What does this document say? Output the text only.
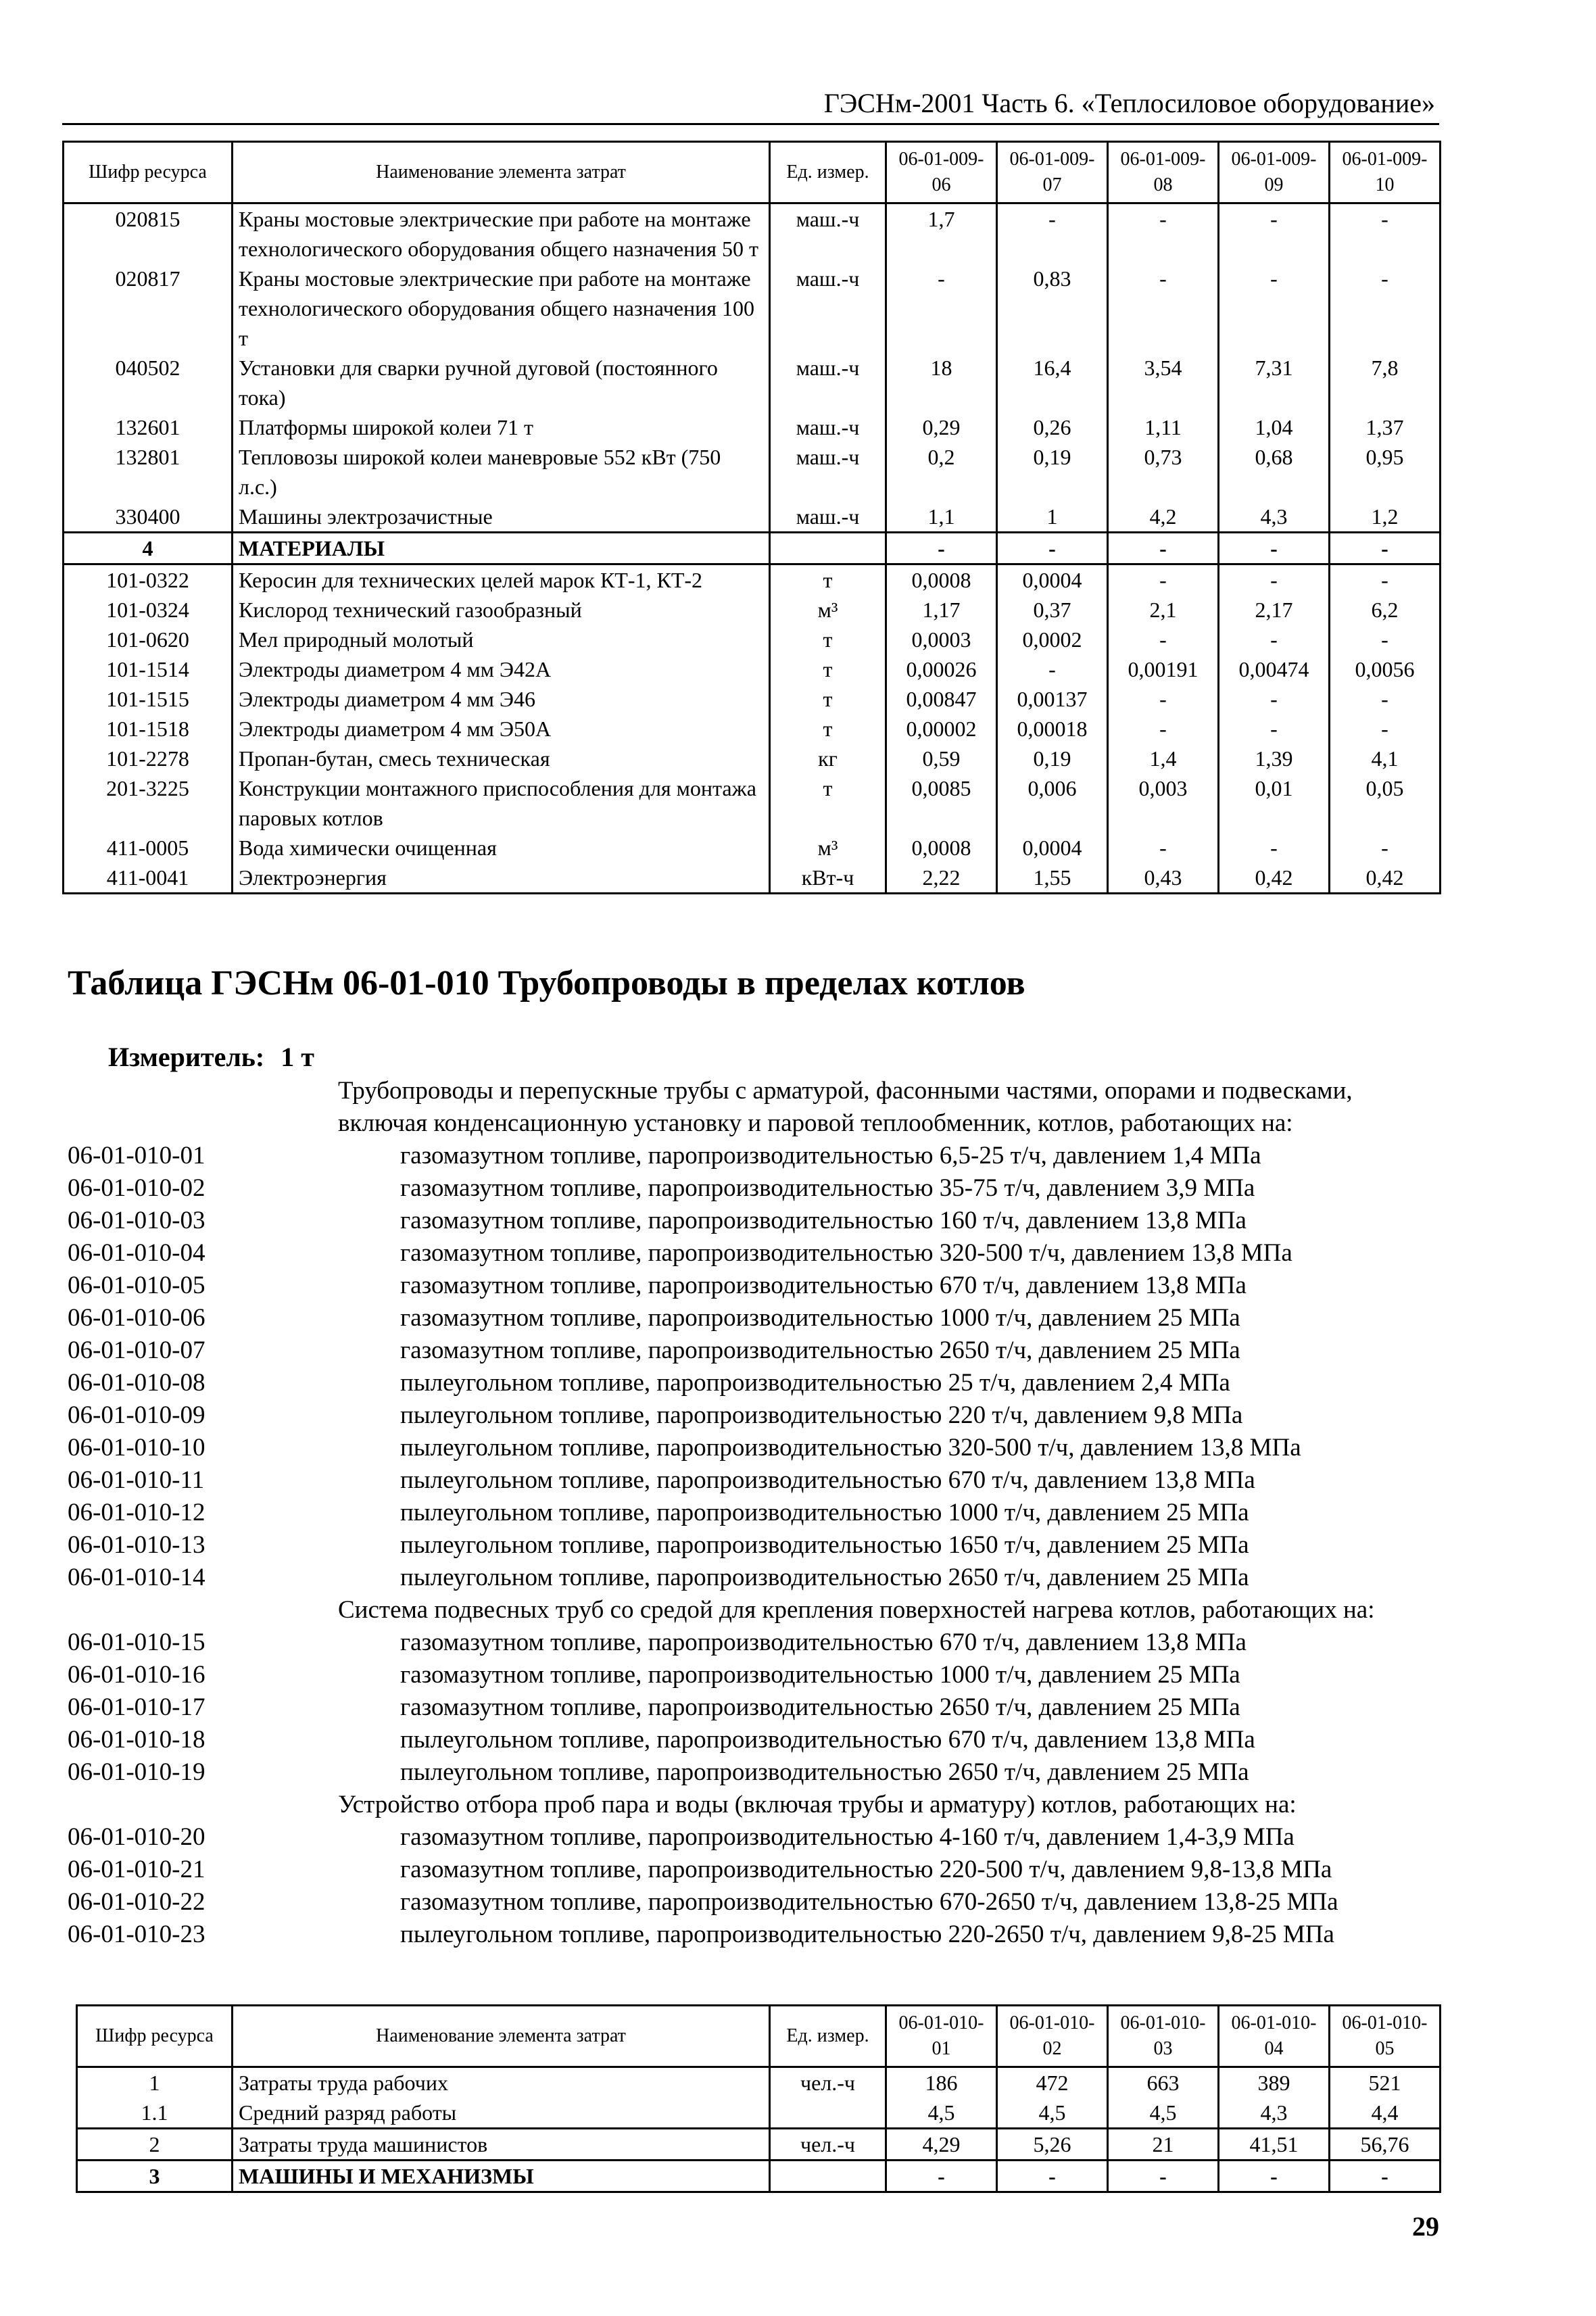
ГЭСНм-2001 Часть 6. «Теплосиловое оборудование»
Шифр ресурса	Наименование элемента затрат	Ед. измер.	06-01-009-06	06-01-009-07	06-01-009-08	06-01-009-09	06-01-009-10
020815	Краны мостовые электрические при работе на монтаже технологического оборудования общего назначения 50 т	маш.-ч	1,7	-	-	-	-
020817	Краны мостовые электрические при работе на монтаже технологического оборудования общего назначения 100 т	маш.-ч	-	0,83	-	-	-
040502	Установки для сварки ручной дуговой (постоянного тока)	маш.-ч	18	16,4	3,54	7,31	7,8
132601	Платформы широкой колеи 71 т	маш.-ч	0,29	0,26	1,11	1,04	1,37
132801	Тепловозы широкой колеи маневровые 552 кВт (750 л.с.)	маш.-ч	0,2	0,19	0,73	0,68	0,95
330400	Машины электрозачистные	маш.-ч	1,1	1	4,2	4,3	1,2
4	МАТЕРИАЛЫ		-	-	-	-	-
101-0322	Керосин для технических целей марок КТ-1, КТ-2	т	0,0008	0,0004	-	-	-
101-0324	Кислород технический газообразный	м³	1,17	0,37	2,1	2,17	6,2
101-0620	Мел природный молотый	т	0,0003	0,0002	-	-	-
101-1514	Электроды диаметром 4 мм Э42А	т	0,00026	-	0,00191	0,00474	0,0056
101-1515	Электроды диаметром 4 мм Э46	т	0,00847	0,00137	-	-	-
101-1518	Электроды диаметром 4 мм Э50А	т	0,00002	0,00018	-	-	-
101-2278	Пропан-бутан, смесь техническая	кг	0,59	0,19	1,4	1,39	4,1
201-3225	Конструкции монтажного приспособления для монтажа паровых котлов	т	0,0085	0,006	0,003	0,01	0,05
411-0005	Вода химически очищенная	м³	0,0008	0,0004	-	-	-
411-0041	Электроэнергия	кВт-ч	2,22	1,55	0,43	0,42	0,42
Таблица ГЭСНм 06-01-010 Трубопроводы в пределах котлов
Измеритель: 1 т
Трубопроводы и перепускные трубы с арматурой, фасонными частями, опорами и подвесками, включая конденсационную установку и паровой теплообменник, котлов, работающих на:
06-01-010-01	газомазутном топливе, паропроизводительностью 6,5-25 т/ч, давлением 1,4 МПа
06-01-010-02	газомазутном топливе, паропроизводительностью 35-75 т/ч, давлением 3,9 МПа
06-01-010-03	газомазутном топливе, паропроизводительностью 160 т/ч, давлением 13,8 МПа
06-01-010-04	газомазутном топливе, паропроизводительностью 320-500 т/ч, давлением 13,8 МПа
06-01-010-05	газомазутном топливе, паропроизводительностью 670 т/ч, давлением 13,8 МПа
06-01-010-06	газомазутном топливе, паропроизводительностью 1000 т/ч, давлением 25 МПа
06-01-010-07	газомазутном топливе, паропроизводительностью 2650 т/ч, давлением 25 МПа
06-01-010-08	пылеугольном топливе, паропроизводительностью 25 т/ч, давлением 2,4 МПа
06-01-010-09	пылеугольном топливе, паропроизводительностью 220 т/ч, давлением 9,8 МПа
06-01-010-10	пылеугольном топливе, паропроизводительностью 320-500 т/ч, давлением 13,8 МПа
06-01-010-11	пылеугольном топливе, паропроизводительностью 670 т/ч, давлением 13,8 МПа
06-01-010-12	пылеугольном топливе, паропроизводительностью 1000 т/ч, давлением 25 МПа
06-01-010-13	пылеугольном топливе, паропроизводительностью 1650 т/ч, давлением 25 МПа
06-01-010-14	пылеугольном топливе, паропроизводительностью 2650 т/ч, давлением 25 МПа
Система подвесных труб со средой для крепления поверхностей нагрева котлов, работающих на:
06-01-010-15	газомазутном топливе, паропроизводительностью 670 т/ч, давлением 13,8 МПа
06-01-010-16	газомазутном топливе, паропроизводительностью 1000 т/ч, давлением 25 МПа
06-01-010-17	газомазутном топливе, паропроизводительностью 2650 т/ч, давлением 25 МПа
06-01-010-18	пылеугольном топливе, паропроизводительностью 670 т/ч, давлением 13,8 МПа
06-01-010-19	пылеугольном топливе, паропроизводительностью 2650 т/ч, давлением 25 МПа
Устройство отбора проб пара и воды (включая трубы и арматуру) котлов, работающих на:
06-01-010-20	газомазутном топливе, паропроизводительностью 4-160 т/ч, давлением 1,4-3,9 МПа
06-01-010-21	газомазутном топливе, паропроизводительностью 220-500 т/ч, давлением 9,8-13,8 МПа
06-01-010-22	газомазутном топливе, паропроизводительностью 670-2650 т/ч, давлением 13,8-25 МПа
06-01-010-23	пылеугольном топливе, паропроизводительностью 220-2650 т/ч, давлением 9,8-25 МПа
Шифр ресурса	Наименование элемента затрат	Ед. измер.	06-01-010-01	06-01-010-02	06-01-010-03	06-01-010-04	06-01-010-05
1	Затраты труда рабочих	чел.-ч	186	472	663	389	521
1.1	Средний разряд работы		4,5	4,5	4,5	4,3	4,4
2	Затраты труда машинистов	чел.-ч	4,29	5,26	21	41,51	56,76
3	МАШИНЫ И МЕХАНИЗМЫ		-	-	-	-	-
29
